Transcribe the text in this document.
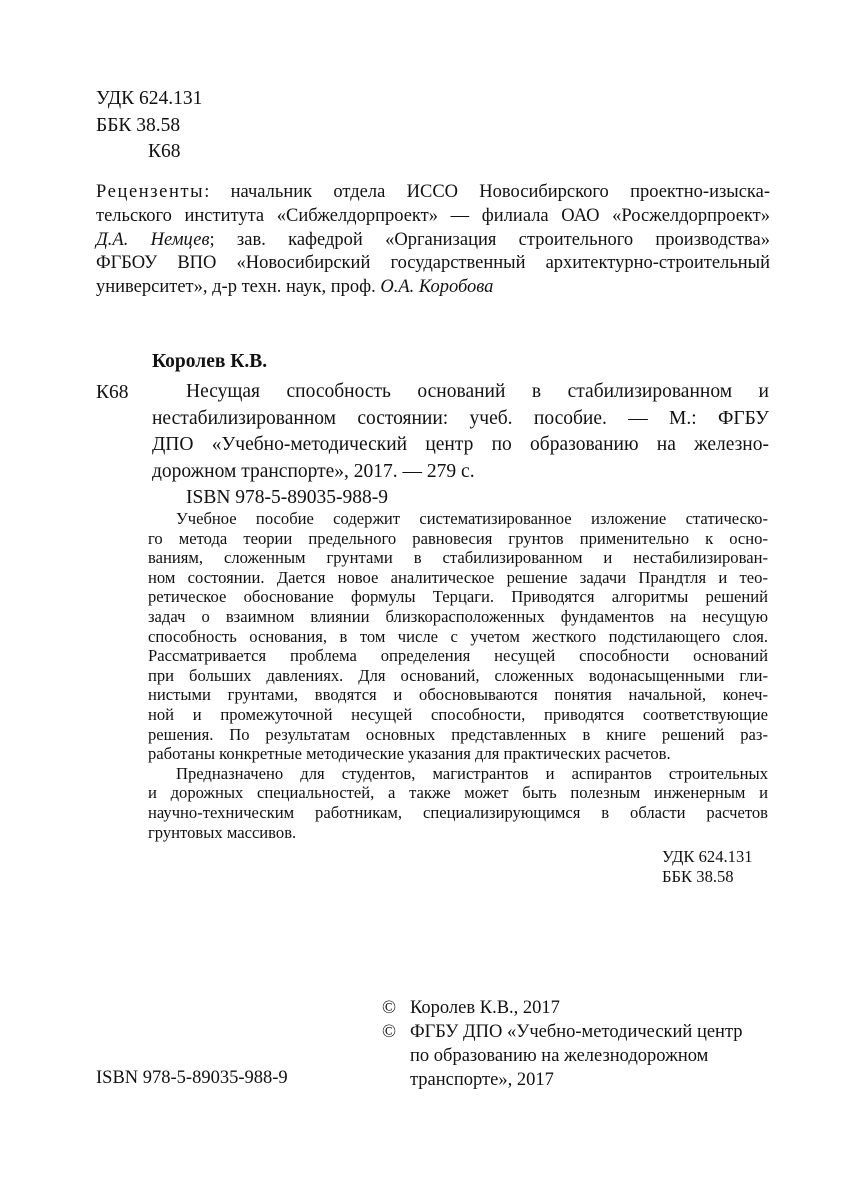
УДК 624.131
ББК 38.58
К68
Рецензенты: начальник отдела ИССО Новосибирского проектно-изыска-
тельского института «Сибжелдорпроект» — филиала ОАО «Росжелдорпроект»
Д.А. Немцев; зав. кафедрой «Организация строительного производства»
ФГБОУ ВПО «Новосибирский государственный архитектурно-строительный
университет», д-р техн. наук, проф. О.А. Коробова
Королев К.В.
К68	Несущая способность оснований в стабилизированном и
нестабилизированном состоянии: учеб. пособие. — М.: ФГБУ
ДПО «Учебно-методический центр по образованию на железно-
дорожном транспорте», 2017. — 279 с.
ISBN 978-5-89035-988-9
Учебное пособие содержит систематизированное изложение статическо-
го метода теории предельного равновесия грунтов применительно к осно-
ваниям, сложенным грунтами в стабилизированном и нестабилизирован-
ном состоянии. Дается новое аналитическое решение задачи Прандтля и тео-
ретическое обоснование формулы Терцаги. Приводятся алгоритмы решений
задач о взаимном влиянии близкорасположенных фундаментов на несущую
способность основания, в том числе с учетом жесткого подстилающего слоя.
Рассматривается проблема определения несущей способности оснований
при больших давлениях. Для оснований, сложенных водонасыщенными гли-
нистыми грунтами, вводятся и обосновываются понятия начальной, конеч-
ной и промежуточной несущей способности, приводятся соответствующие
решения. По результатам основных представленных в книге решений раз-
работаны конкретные методические указания для практических расчетов.
Предназначено для студентов, магистрантов и аспирантов строительных
и дорожных специальностей, а также может быть полезным инженерным и
научно-техническим работникам, специализирующимся в области расчетов
грунтовых массивов.
УДК 624.131
ББК 38.58
© Королев К.В., 2017
© ФГБУ ДПО «Учебно-методический центр
по образованию на железнодорожном
транспорте», 2017
ISBN 978-5-89035-988-9
